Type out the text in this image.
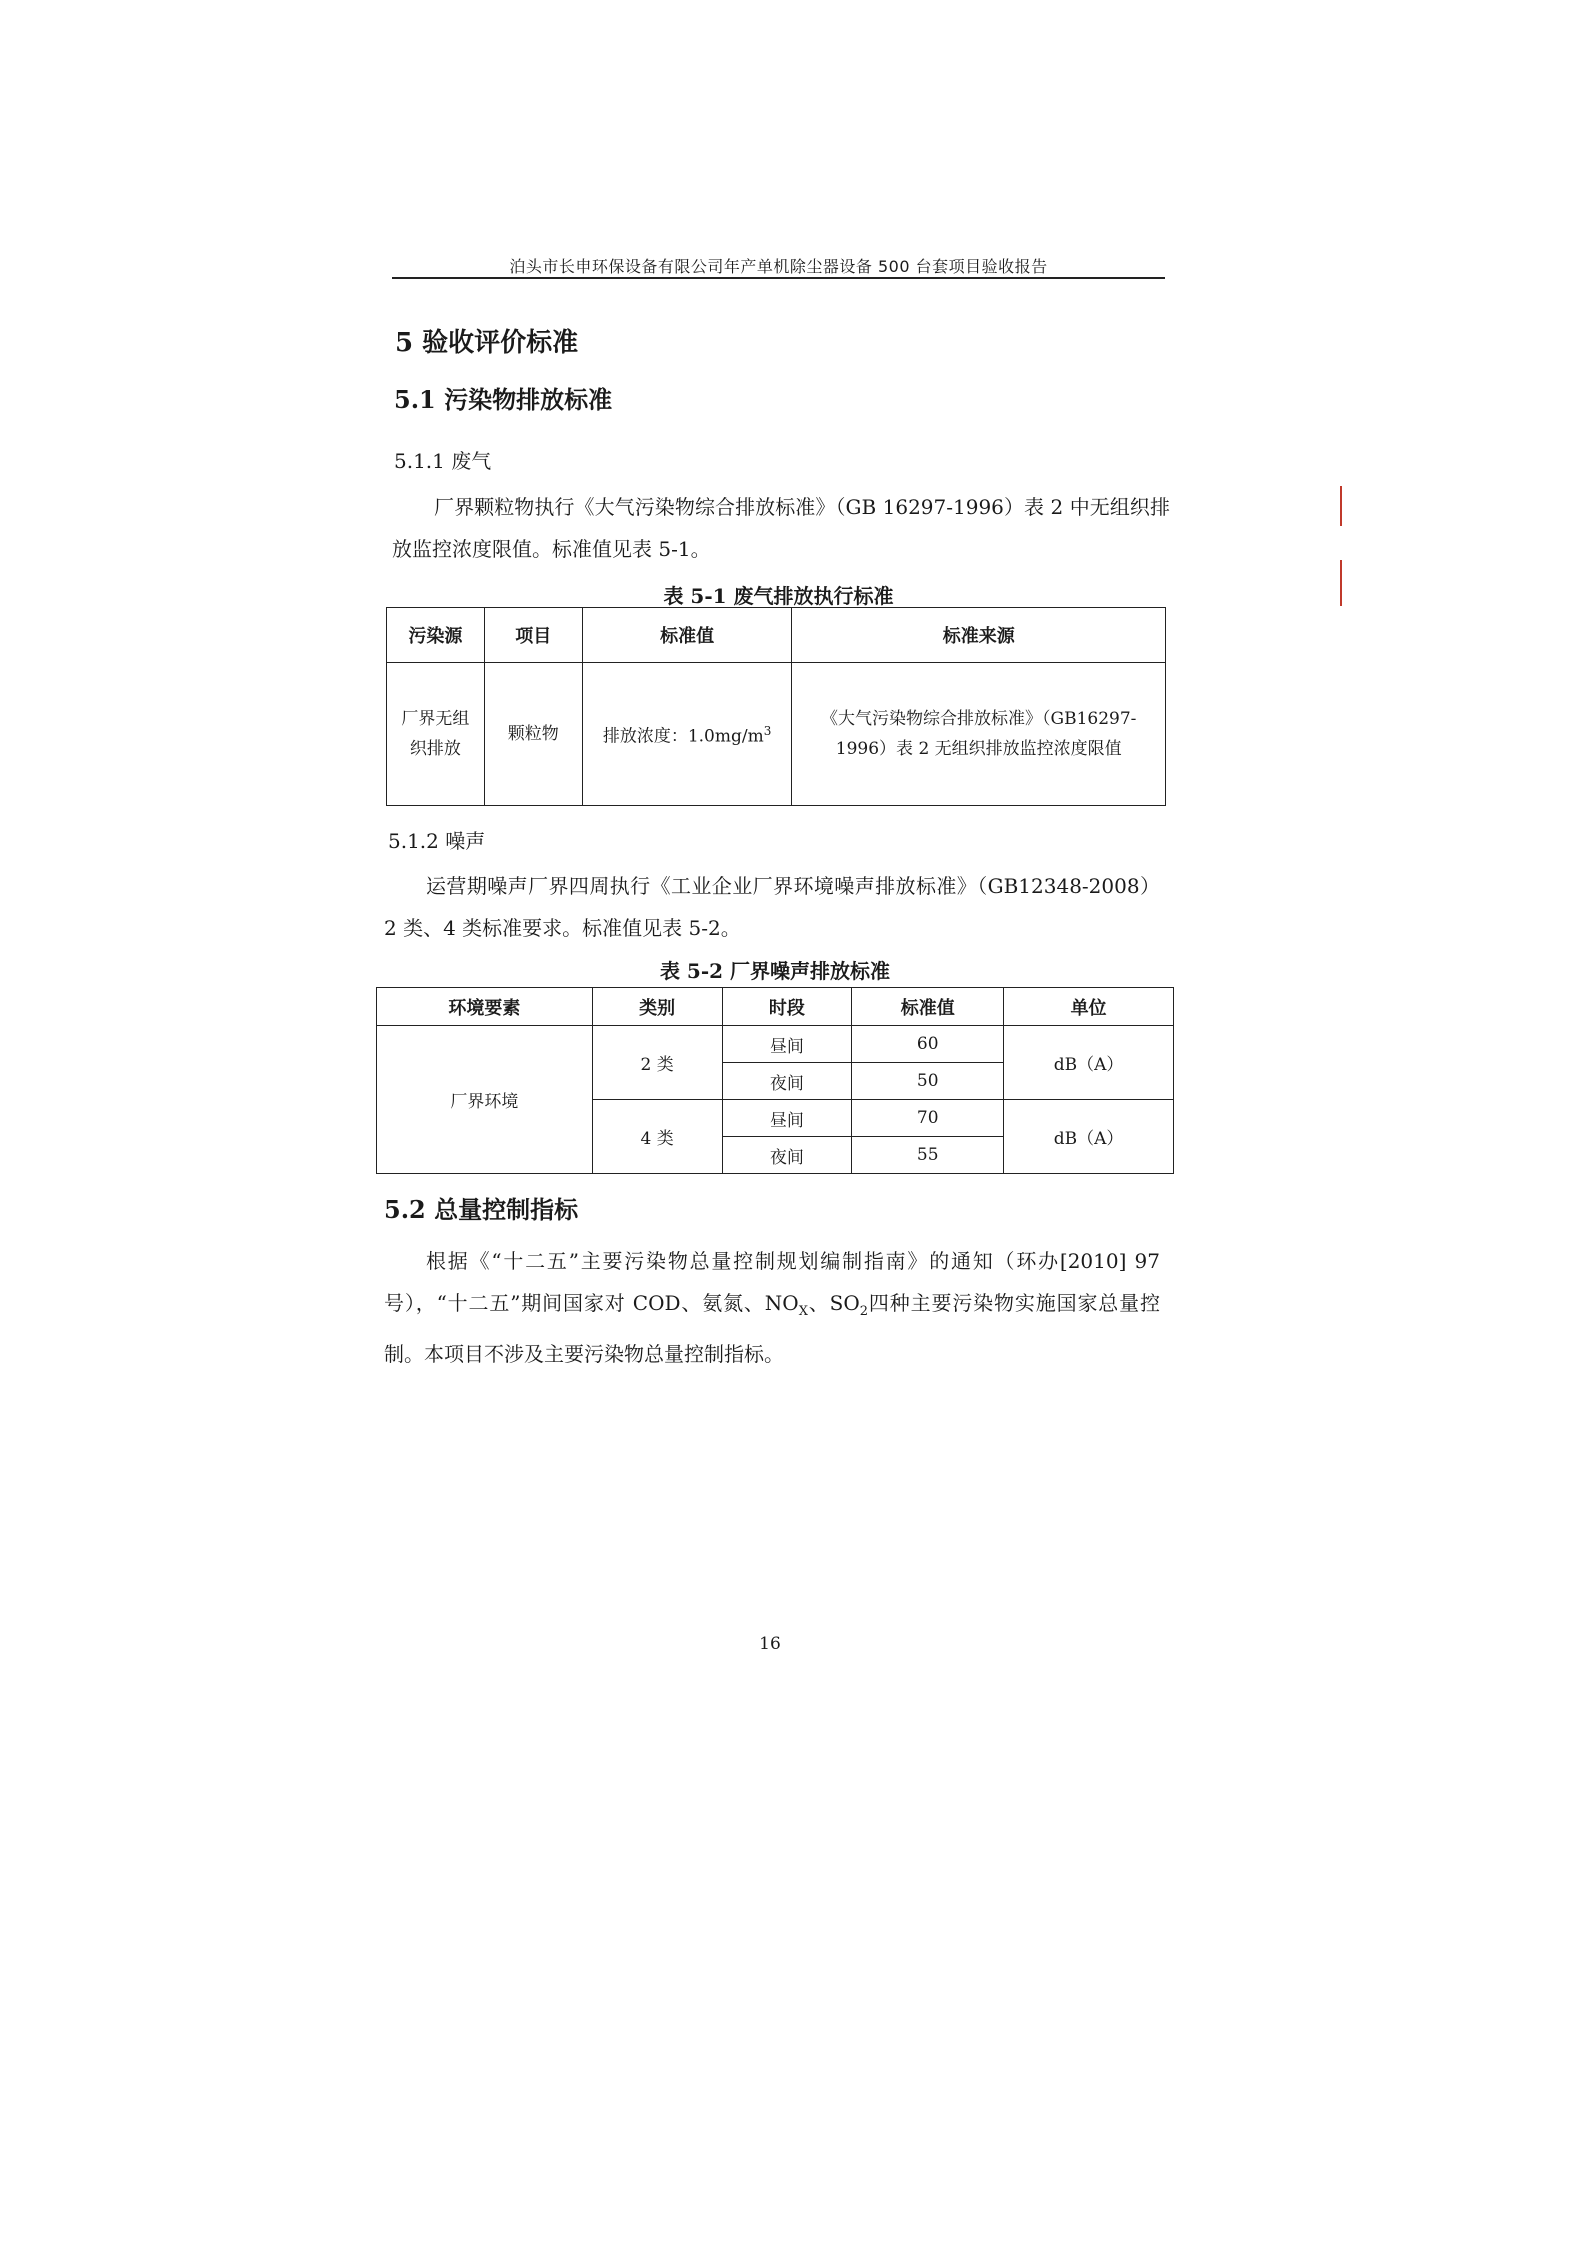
泊头市长申环保设备有限公司年产单机除尘器设备 500 台套项目验收报告
5 验收评价标准
5.1 污染物排放标准
5.1.1 废气
厂界颗粒物执行《大气污染物综合排放标准》（GB 16297-1996）表 2 中无组织排放监控浓度限值。标准值见表 5-1。
表 5-1 废气排放执行标准
污染源	项目	标准值	标准来源
厂界无组织排放	颗粒物	排放浓度：$1.0mg/m^3$	《大气污染物综合排放标准》（GB16297-1996）表 2 无组织排放监控浓度限值
5.1.2 噪声
运营期噪声厂界四周执行《工业企业厂界环境噪声排放标准》（GB12348-2008）2 类、4 类标准要求。标准值见表 5-2。
表 5-2 厂界噪声排放标准
环境要素	类别	时段	标准值	单位
厂界环境	2 类	昼间	60	dB（A）
		夜间	50	
	4 类	昼间	70	dB（A）
		夜间	55	
5.2 总量控制指标
根据《“十二五”主要污染物总量控制规划编制指南》的通知（环办[2010] 97 号），“十二五”期间国家对 COD、氨氮、$NO_X$、$SO_2$四种主要污染物实施国家总量控制。本项目不涉及主要污染物总量控制指标。
16
